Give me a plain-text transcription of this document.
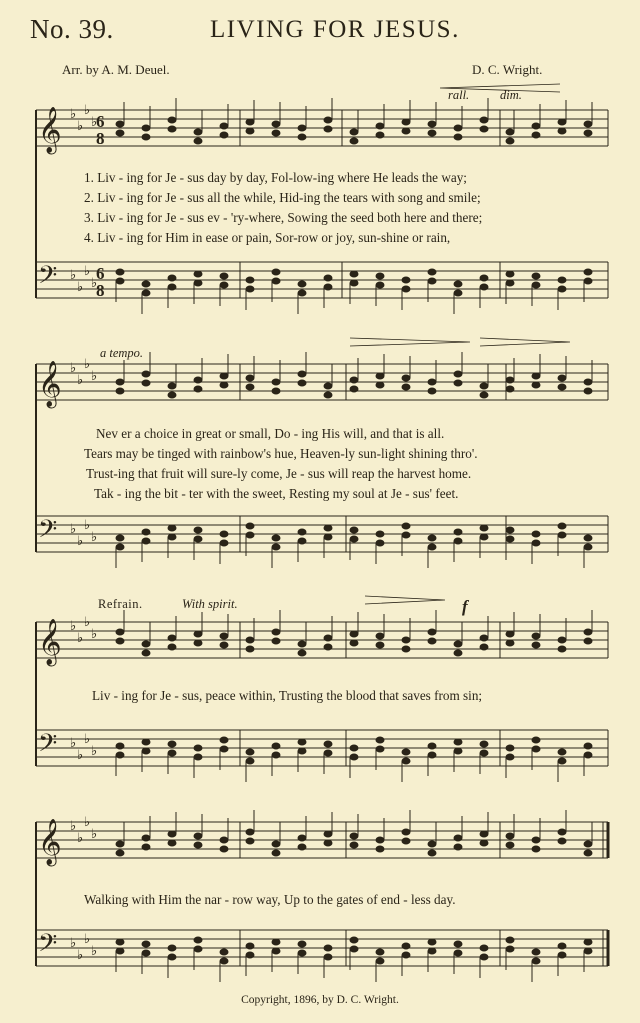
No. 39.	LIVING FOR JESUS.
Arr. by A. M. Deuel.	D. C. Wright.
𝄞 ♭
♭
♭
♭
6
8
𝄢 ♭
♭
♭
♭
6
8
𝄞 ♭
♭
♭
♭
𝄢 ♭
♭
♭
♭
𝄞 ♭
♭
♭
♭
𝄢 ♭
♭
♭
♭
𝄞 ♭
♭
♭
♭
𝄢 ♭
♭
♭
♭
rall. dim.
1. Liv - ing for Je - sus day by day, Fol-low-ing where He leads the way;
2. Liv - ing for Je - sus all the while, Hid-ing the tears with song and smile;
3. Liv - ing for Je - sus ev - 'ry-where, Sowing the seed both here and there;
4. Liv - ing for Him in ease or pain, Sor-row or joy, sun-shine or rain,
a tempo.
Nev er a choice in great or small, Do - ing His will, and that is all.
Tears may be tinged with rainbow's hue, Heaven-ly sun-light shining thro'.
Trust-ing that fruit will sure-ly come, Je - sus will reap the harvest home.
Tak - ing the bit - ter with the sweet, Resting my soul at Je - sus' feet.
Refrain.	With spirit.	f
Liv - ing for Je - sus, peace within, Trusting the blood that saves from sin;
Walking with Him the nar - row way, Up to the gates of end - less day.
Copyright, 1896, by D. C. Wright.
